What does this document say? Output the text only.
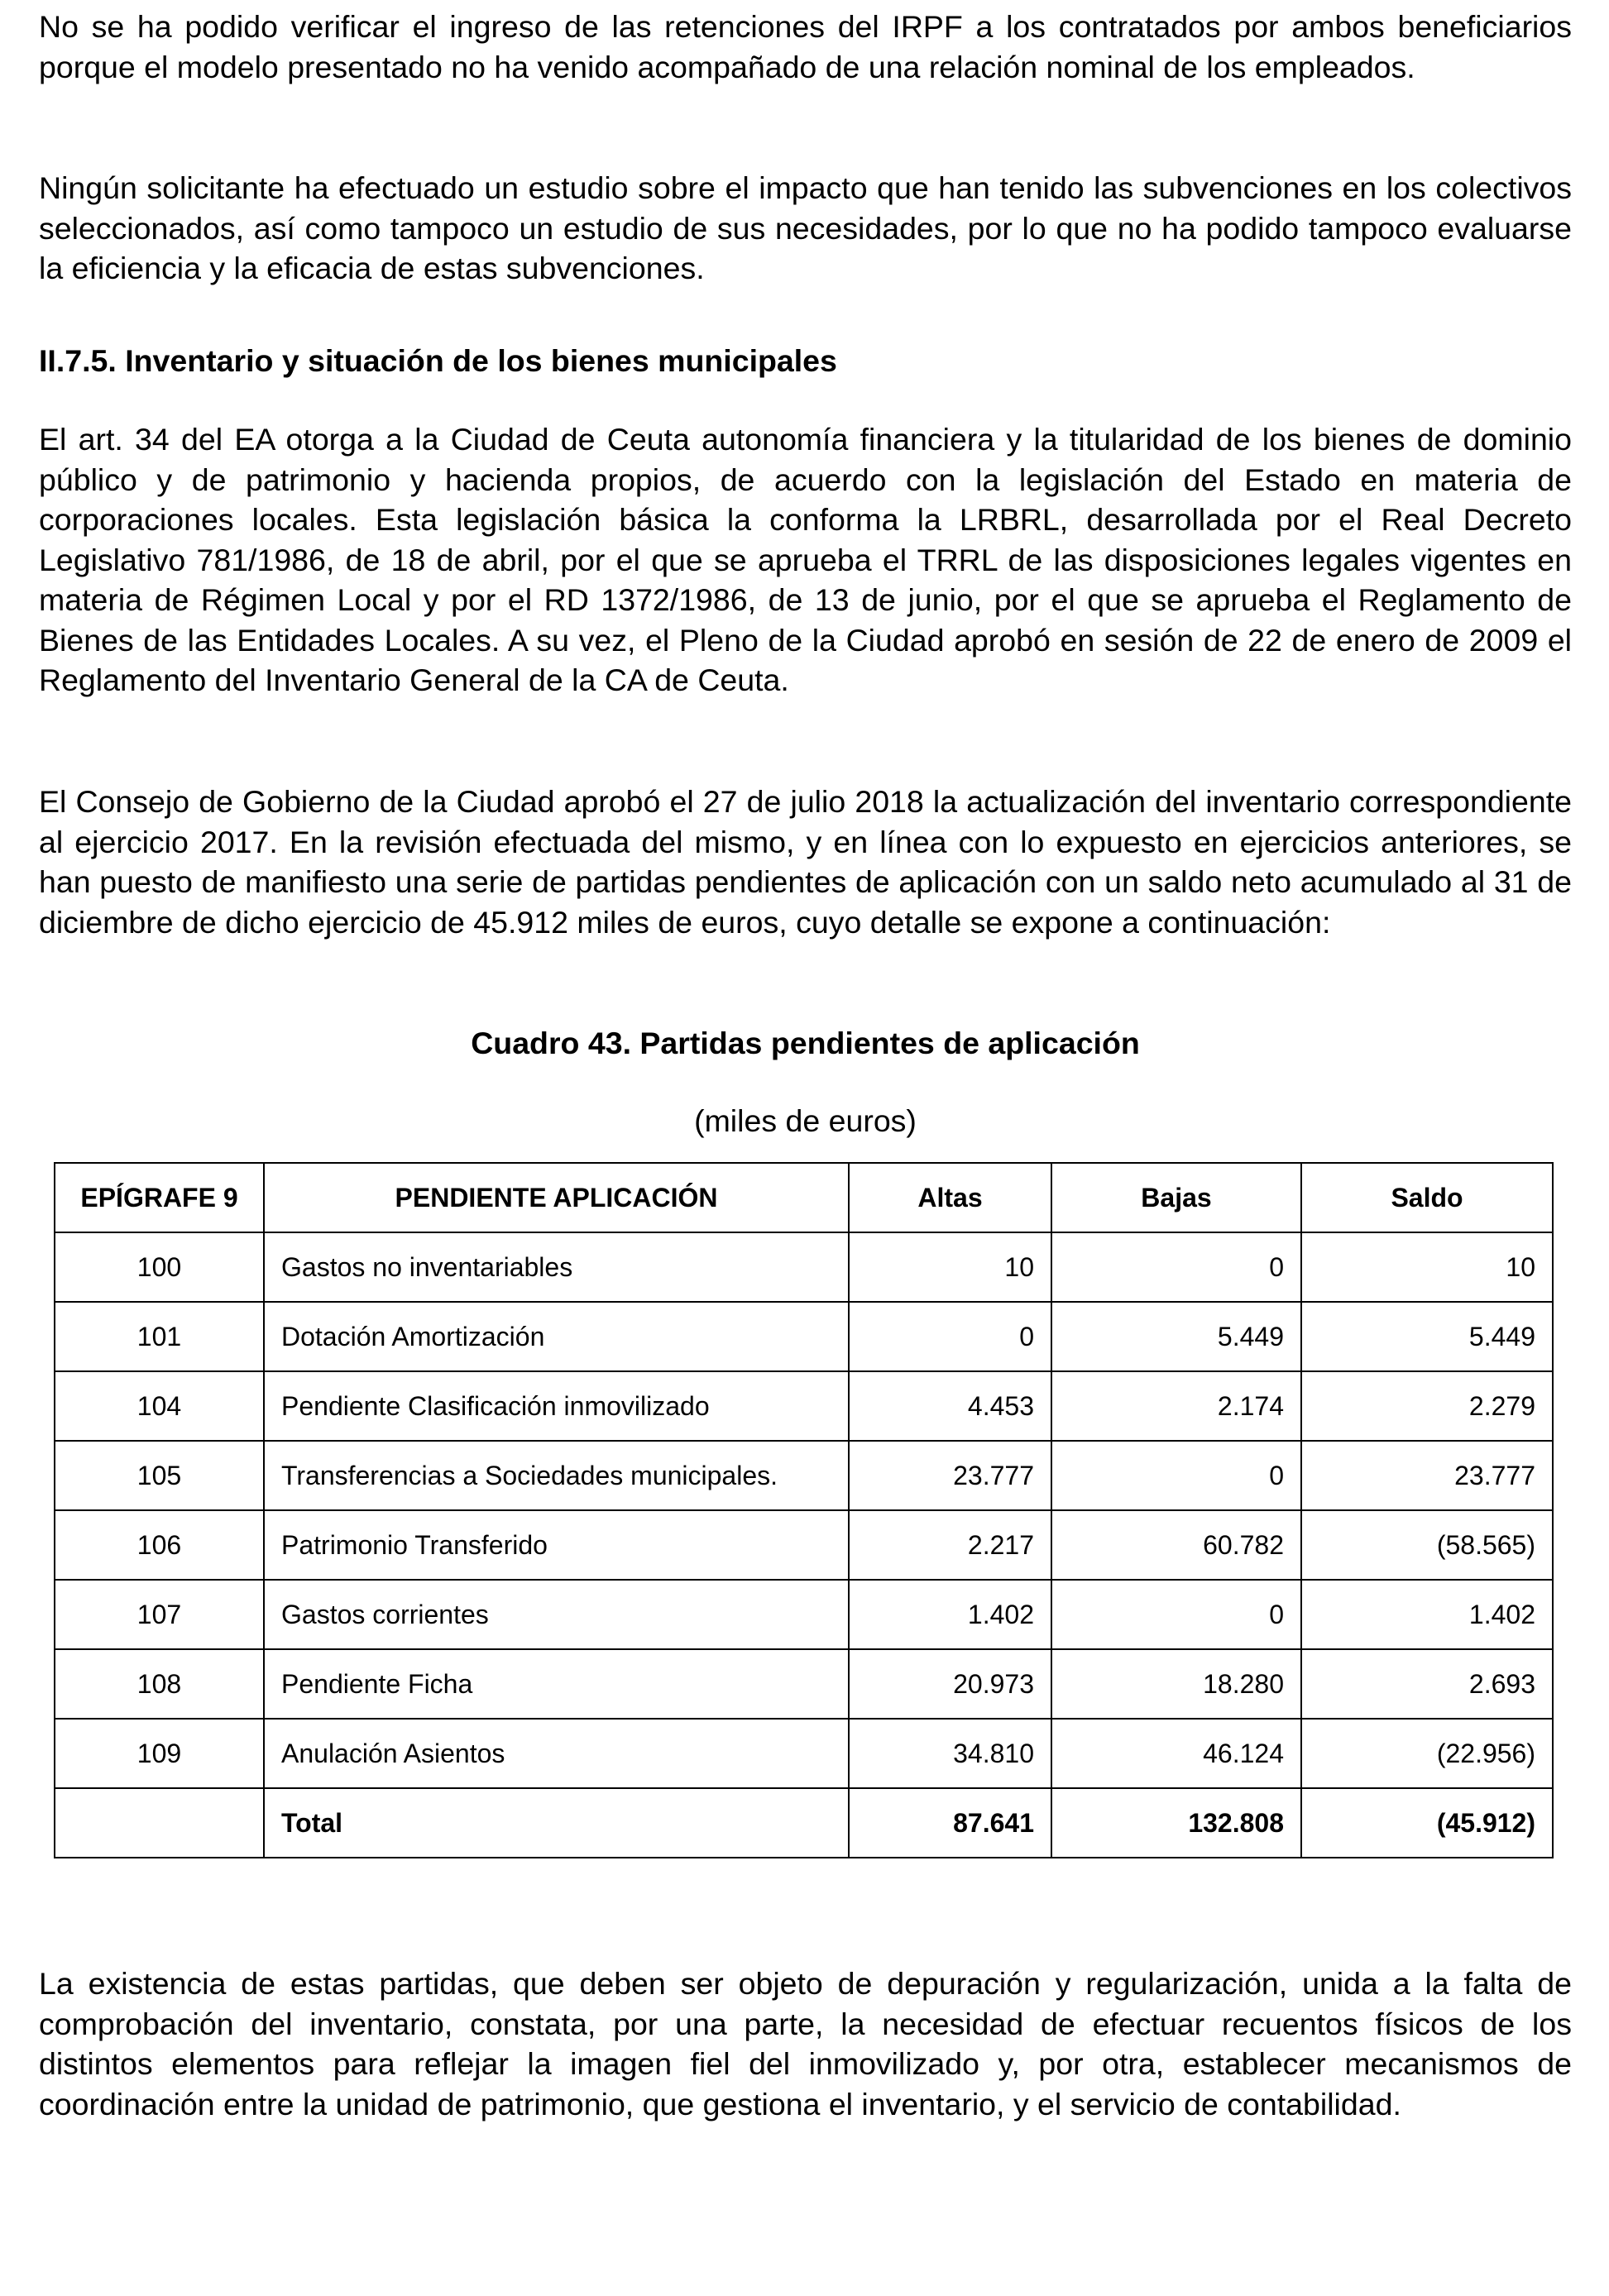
No se ha podido verificar el ingreso de las retenciones del IRPF a los contratados por ambos beneficiarios porque el modelo presentado no ha venido acompañado de una relación nominal de los empleados.

Ningún solicitante ha efectuado un estudio sobre el impacto que han tenido las subvenciones en los colectivos seleccionados, así como tampoco un estudio de sus necesidades, por lo que no ha podido tampoco evaluarse la eficiencia y la eficacia de estas subvenciones.

II.7.5. Inventario y situación de los bienes municipales

El art. 34 del EA otorga a la Ciudad de Ceuta autonomía financiera y la titularidad de los bienes de dominio público y de patrimonio y hacienda propios, de acuerdo con la legislación del Estado en materia de corporaciones locales. Esta legislación básica la conforma la LRBRL, desarrollada por el Real Decreto Legislativo 781/1986, de 18 de abril, por el que se aprueba el TRRL de las disposiciones legales vigentes en materia de Régimen Local y por el RD 1372/1986, de 13 de junio, por el que se aprueba el Reglamento de Bienes de las Entidades Locales. A su vez, el Pleno de la Ciudad aprobó en sesión de 22 de enero de 2009 el Reglamento del Inventario General de la CA de Ceuta.

El Consejo de Gobierno de la Ciudad aprobó el 27 de julio 2018 la actualización del inventario correspondiente al ejercicio 2017. En la revisión efectuada del mismo, y en línea con lo expuesto en ejercicios anteriores, se han puesto de manifiesto una serie de partidas pendientes de aplicación con un saldo neto acumulado al 31 de diciembre de dicho ejercicio de 45.912 miles de euros, cuyo detalle se expone a continuación:

Cuadro 43. Partidas pendientes de aplicación

(miles de euros)

EPÍGRAFE 9	PENDIENTE APLICACIÓN	Altas	Bajas	Saldo
100	Gastos no inventariables	10	0	10
101	Dotación Amortización	0	5.449	5.449
104	Pendiente Clasificación inmovilizado	4.453	2.174	2.279
105	Transferencias a Sociedades municipales.	23.777	0	23.777
106	Patrimonio Transferido	2.217	60.782	(58.565)
107	Gastos corrientes	1.402	0	1.402
108	Pendiente Ficha	20.973	18.280	2.693
109	Anulación Asientos	34.810	46.124	(22.956)
	Total	87.641	132.808	(45.912)

La existencia de estas partidas, que deben ser objeto de depuración y regularización, unida a la falta de comprobación del inventario, constata, por una parte, la necesidad de efectuar recuentos físicos de los distintos elementos para reflejar la imagen fiel del inmovilizado y, por otra, establecer mecanismos de coordinación entre la unidad de patrimonio, que gestiona el inventario, y el servicio de contabilidad.
